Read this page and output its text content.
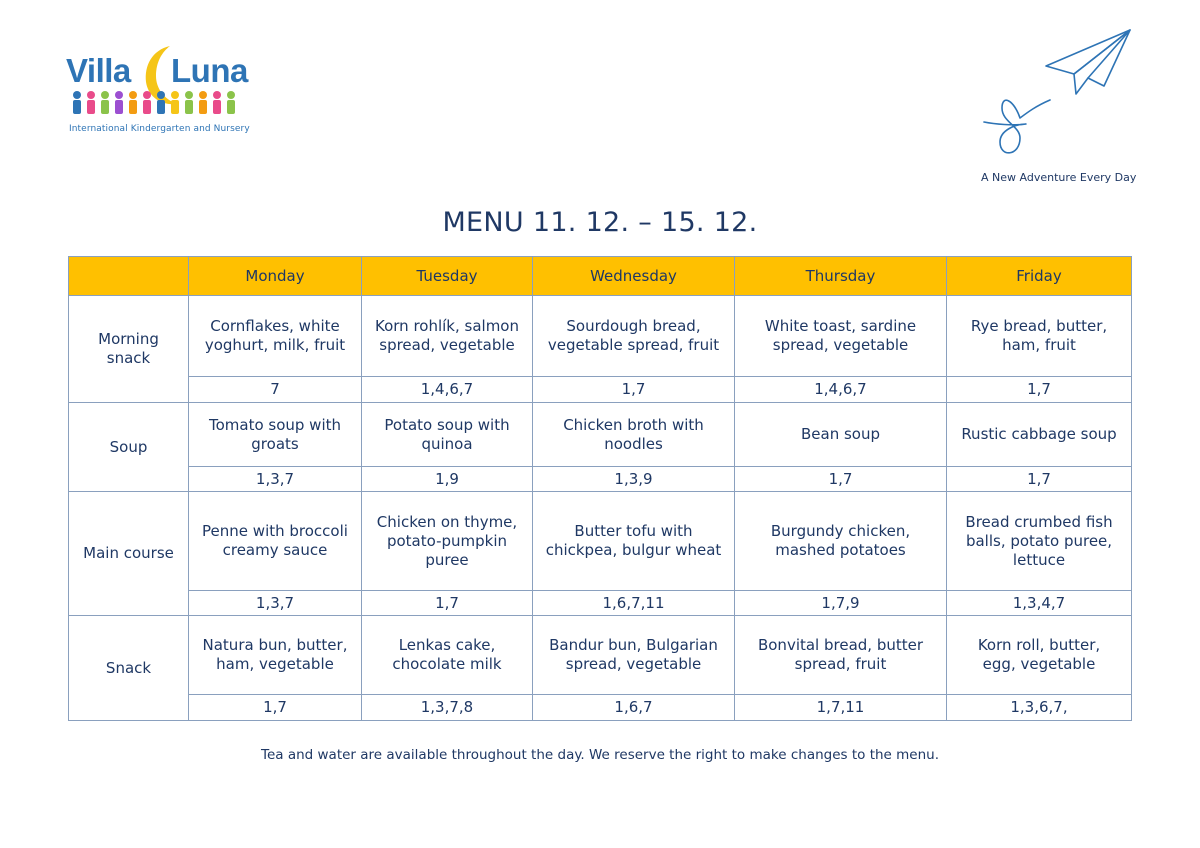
Villa Luna
International Kindergarten and Nursery
A New Adventure Every Day
MENU 11. 12. – 15. 12.
	Monday	Tuesday	Wednesday	Thursday	Friday
Morning snack	Cornflakes, white yoghurt, milk, fruit	Korn rohlík, salmon spread, vegetable	Sourdough bread, vegetable spread, fruit	White toast, sardine spread, vegetable	Rye bread, butter, ham, fruit
	7	1,4,6,7	1,7	1,4,6,7	1,7
Soup	Tomato soup with groats	Potato soup with quinoa	Chicken broth with noodles	Bean soup	Rustic cabbage soup
	1,3,7	1,9	1,3,9	1,7	1,7
Main course	Penne with broccoli creamy sauce	Chicken on thyme, potato-pumpkin puree	Butter tofu with chickpea, bulgur wheat	Burgundy chicken, mashed potatoes	Bread crumbed fish balls, potato puree, lettuce
	1,3,7	1,7	1,6,7,11	1,7,9	1,3,4,7
Snack	Natura bun, butter, ham, vegetable	Lenkas cake, chocolate milk	Bandur bun, Bulgarian spread, vegetable	Bonvital bread, butter spread, fruit	Korn roll, butter, egg, vegetable
	1,7	1,3,7,8	1,6,7	1,7,11	1,3,6,7,
Tea and water are available throughout the day. We reserve the right to make changes to the menu.
